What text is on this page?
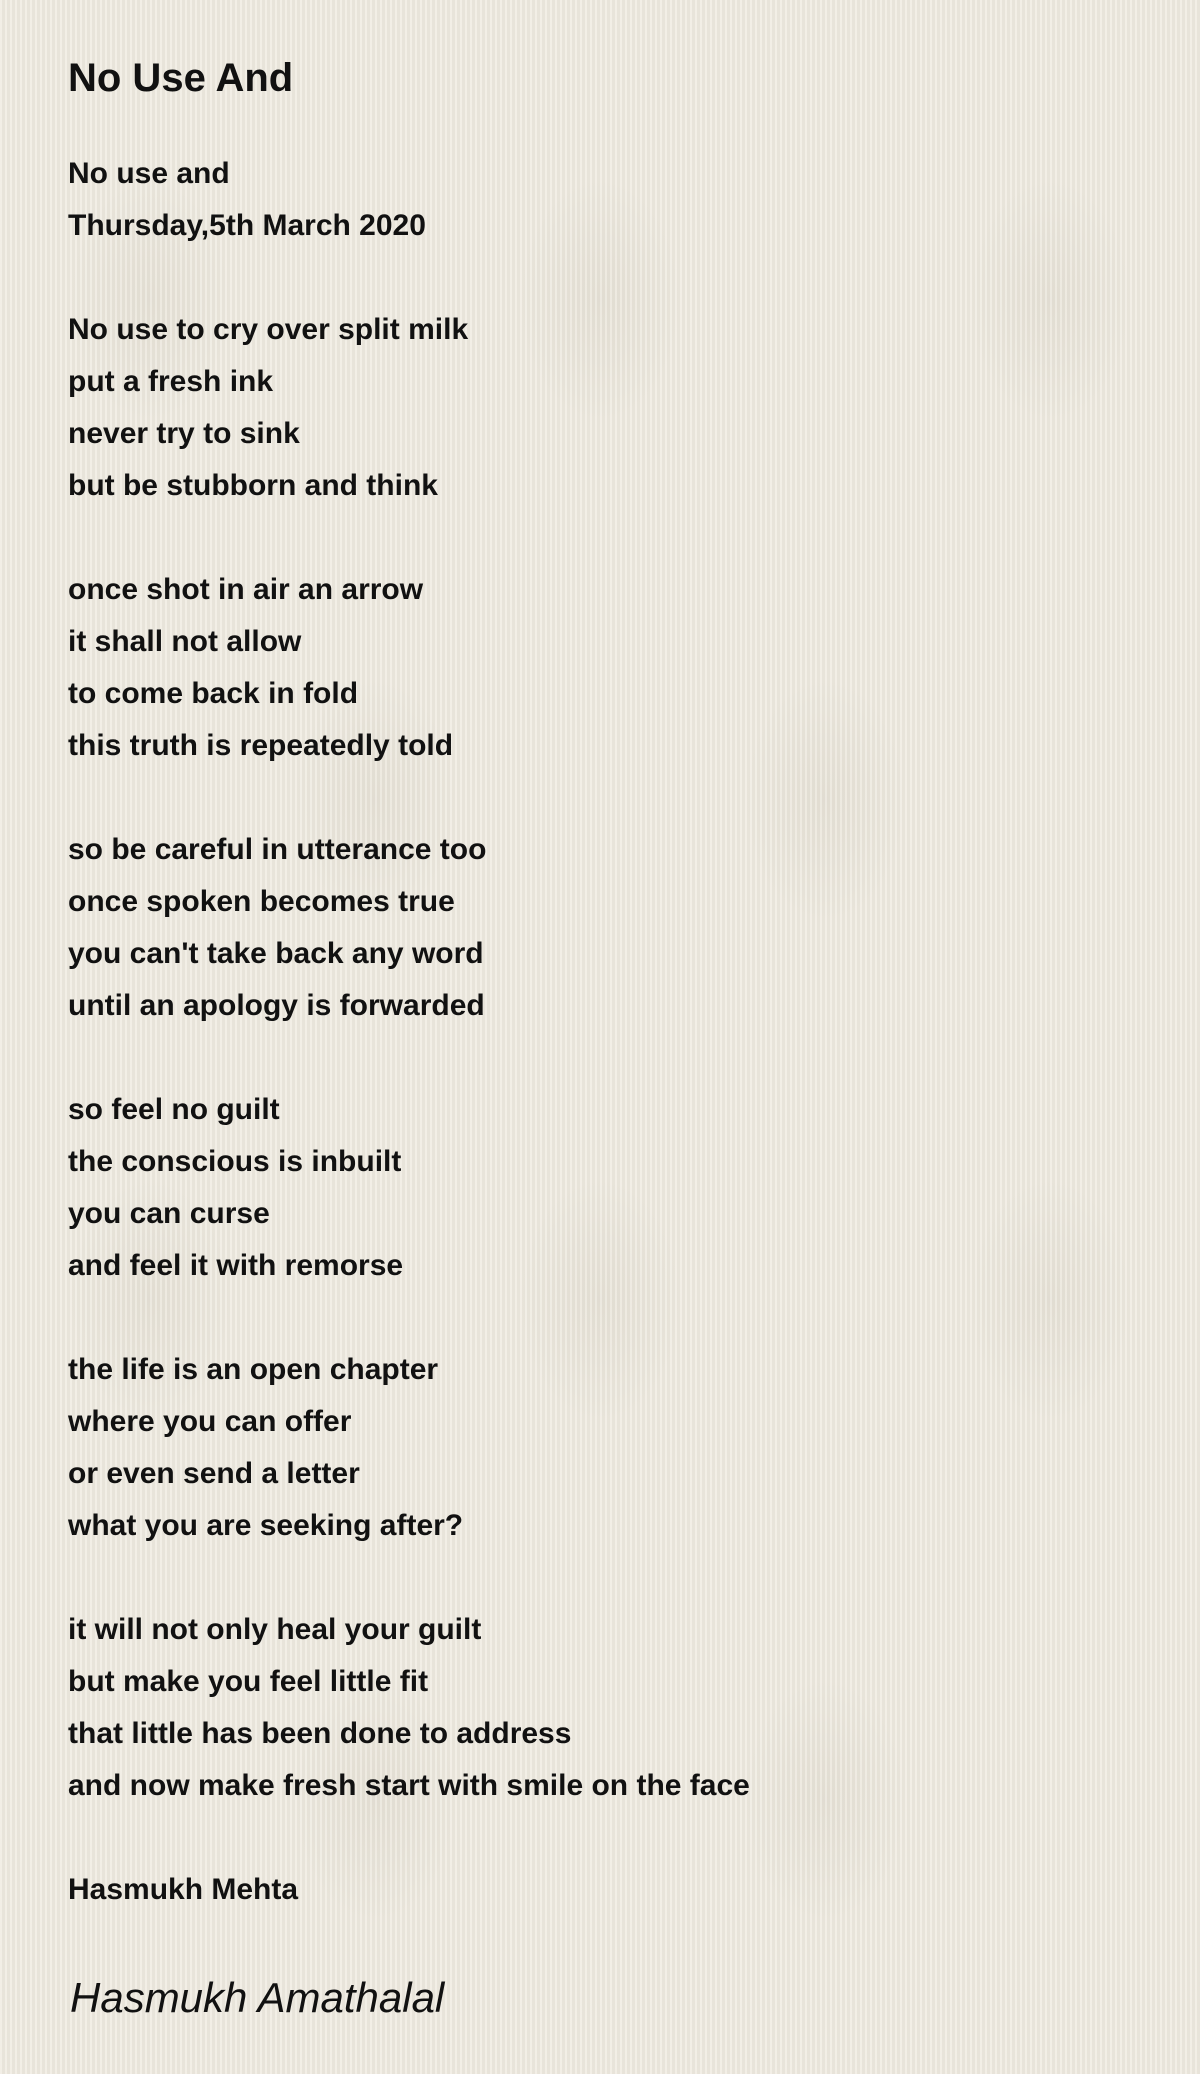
No Use And
No use and
Thursday,5th March 2020
No use to cry over split milk
put a fresh ink
never try to sink
but be stubborn and think
once shot in air an arrow
it shall not allow
to come back in fold
this truth is repeatedly told
so be careful in utterance too
once spoken becomes true
you can't take back any word
until an apology is forwarded
so feel no guilt
the conscious is inbuilt
you can curse
and feel it with remorse
the life is an open chapter
where you can offer
or even send a letter
what you are seeking after?
it will not only heal your guilt
but make you feel little fit
that little has been done to address
and now make fresh start with smile on the face
Hasmukh Mehta
Hasmukh Amathalal
